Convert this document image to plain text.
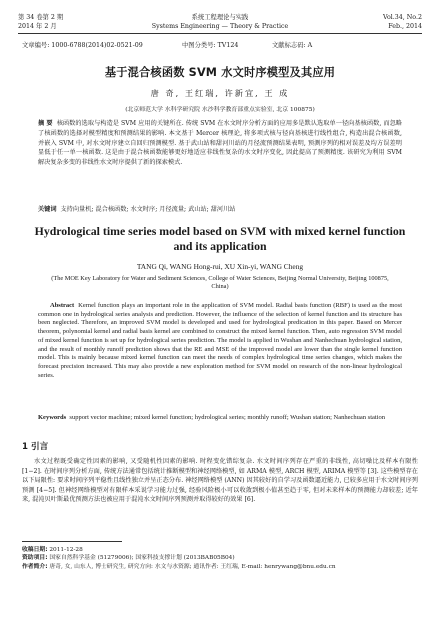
第 34 卷第 2 期	系统工程理论与实践	Vol.34, No.2
2014 年 2 月	Systems Engineering — Theory & Practice	Feb., 2014
文章编号: 1000-6788(2014)02-0521-09	中图分类号: TV124	文献标志码: A
基于混合核函数 SVM 水文时序模型及其应用
唐 奇, 王红瑞, 许新宜, 王 成
(北京师范大学 水科学研究院 水沙科学教育部重点实验室, 北京 100875)
摘 要 核函数的选取与构造是 SVM 应用的关键所在. 传统 SVM 在水文时序分析方面的应用多是默认选取单一径向基核函数, 而忽略了核函数的选择对模型精度和预测结果的影响. 本文基于 Mercer 核理论, 将多项式核与径向基核进行线性组合, 构造出混合核函数, 并嵌入 SVM 中, 对水文时序建立自回归预测模型. 基于武山站和甜河川站的月径流预测结果表明, 预测序列的相对误差及均方误差明显低于任一单一核函数. 这是由于混合核函数能够更好地适应非线性复杂的水文时序变化, 因此提高了预测精度. 该研究为利用 SVM 解决复杂多变的非线性水文时序提供了新的探索模式.
关键词 支持向量机; 混合核函数; 水文时序; 月径流量; 武山站; 甜河川站
Hydrological time series model based on SVM with mixed kernel function and its application
TANG Qi, WANG Hong-rui, XU Xin-yi, WANG Cheng
(The MOE Key Laboratory for Water and Sediment Sciences, College of Water Sciences, Beijing Normal University, Beijing 100875, China)
Abstract Kernel function plays an important role in the application of SVM model. Radial basis function (RBF) is used as the most common one in hydrological series analysis and prediction. However, the influence of the selection of kernel function and its structure has been neglected. Therefore, an improved SVM model is developed and used for hydrological predication in this paper. Based on Mercer theorem, polynomial kernel and radial basis kernel are combined to construct the mixed kernel function. Then, auto regression SVM model of mixed kernel function is set up for hydrological series prediction. The model is applied in Wushan and Nanhechuan hydrological station, and the result of monthly runoff prediction shows that the RE and MSE of the improved model are lower than the single kernel function model. This is mainly because mixed kernel function can meet the needs of complex hydrological time series changes, which makes the forecast precision increased. This may also provide a new exploration method for SVM model on research of the non-linear hydrological series.
Keywords support vector machine; mixed kernel function; hydrological series; monthly runoff; Wushan station; Nanhechuan station
1 引言
水文过程既受确定性因素的影响, 又受随机性因素的影响. 时程变化错综复杂. 水文时间序列存在严重的非线性, 高切噪比及样本有限性 [1−2]. 在时间序列分析方面, 传统方法通常包括统计推断模型和神经网络模型, 如 ARMA 模型, ARCH 模型, ARIMA 模型等 [3]. 这些模型存在以下局限性: 要求时间序列平稳性且线性独立并呈正态分布. 神经网络模型 (ANN) 因其较好的自学习及函数逼近能力, 已较多应用于水文时间序列预测 [4−5]. 但神经网络模型对有限样本采说学习能力过强, 经验风险极小可以收敛到极小值甚至趋于零, 但对未来样本的预测能力却较差; 近年来, 混沌贝叶斯最优预测方法也被应用于混沌水文时间序列预测并取得较好的效果 [6].
收稿日期: 2011-12-28
资助项目: 国家自然科学基金 (51279006); 国家科技支撑计划 (2013BAB05B04)
作者简介: 唐奇, 女, 山东人, 博士研究生, 研究方向: 水文与水资源; 通讯作者: 王红瑞, E-mail: henrywang@bnu.edu.cn
